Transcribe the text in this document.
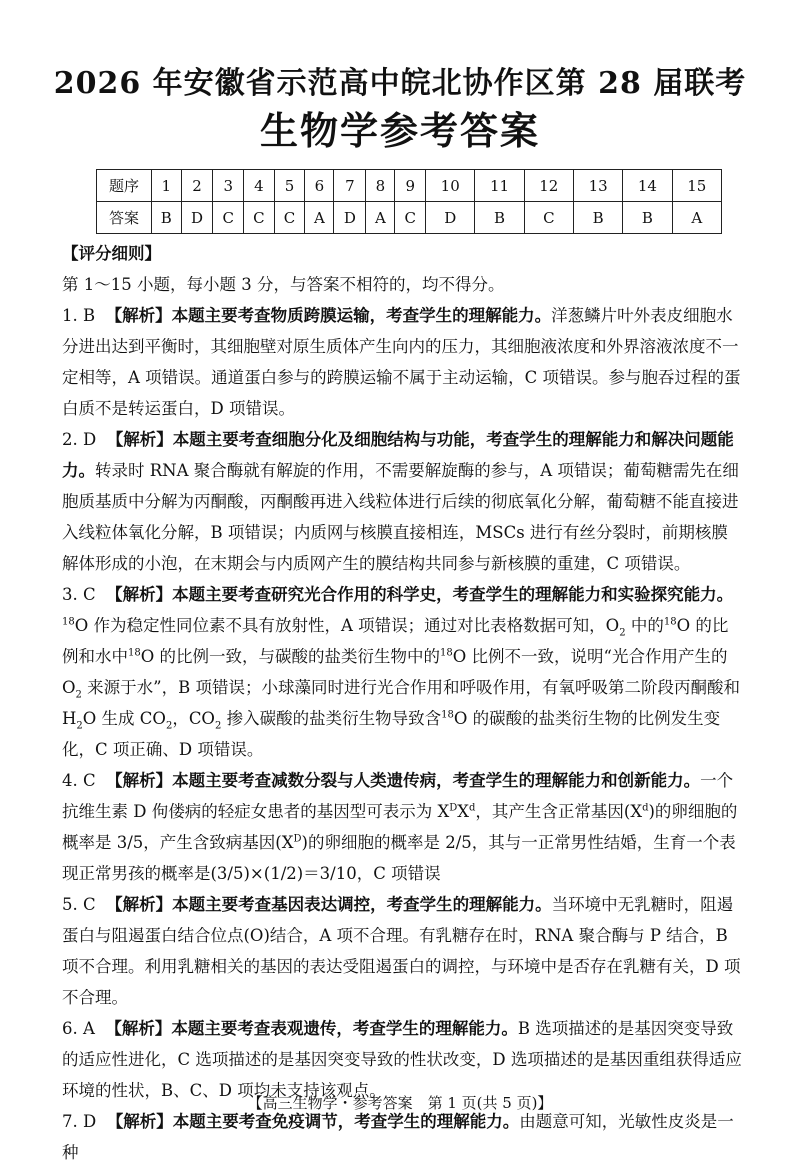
2026 年安徽省示范高中皖北协作区第 28 届联考
生物学参考答案
题序	1	2	3	4	5	6	7	8	9	10	11	12	13	14	15
答案	B	D	C	C	C	A	D	A	C	D	B	C	B	B	A
【评分细则】
第 1～15 小题，每小题 3 分，与答案不相符的，均不得分。
1. B 【解析】本题主要考查物质跨膜运输，考查学生的理解能力。洋葱鳞片叶外表皮细胞水分进出达到平衡时，其细胞壁对原生质体产生向内的压力，其细胞液浓度和外界溶液浓度不一定相等，A 项错误。通道蛋白参与的跨膜运输不属于主动运输，C 项错误。参与胞吞过程的蛋白质不是转运蛋白，D 项错误。
2. D 【解析】本题主要考查细胞分化及细胞结构与功能，考查学生的理解能力和解决问题能力。转录时 RNA 聚合酶就有解旋的作用，不需要解旋酶的参与，A 项错误；葡萄糖需先在细胞质基质中分解为丙酮酸，丙酮酸再进入线粒体进行后续的彻底氧化分解，葡萄糖不能直接进入线粒体氧化分解，B 项错误；内质网与核膜直接相连，MSCs 进行有丝分裂时，前期核膜解体形成的小泡，在末期会与内质网产生的膜结构共同参与新核膜的重建，C 项错误。
3. C 【解析】本题主要考查研究光合作用的科学史，考查学生的理解能力和实验探究能力。$^{18}$O 作为稳定性同位素不具有放射性，A 项错误；通过对比表格数据可知，$O_2$ 中的$^{18}$O 的比例和水中$^{18}$O 的比例一致，与碳酸的盐类衍生物中的$^{18}$O 比例不一致，说明“光合作用产生的 $O_2$ 来源于水”，B 项错误；小球藻同时进行光合作用和呼吸作用，有氧呼吸第二阶段丙酮酸和 $H_2O$ 生成 $CO_2$，$CO_2$ 掺入碳酸的盐类衍生物导致含$^{18}$O 的碳酸的盐类衍生物的比例发生变化，C 项正确、D 项错误。
4. C 【解析】本题主要考查减数分裂与人类遗传病，考查学生的理解能力和创新能力。一个抗维生素 D 佝偻病的轻症女患者的基因型可表示为 $X^DX^d$，其产生含正常基因$(X^d)$的卵细胞的概率是 3/5，产生含致病基因$(X^D)$的卵细胞的概率是 2/5，其与一正常男性结婚，生育一个表现正常男孩的概率是(3/5)×(1/2)＝3/10，C 项错误
5. C 【解析】本题主要考查基因表达调控，考查学生的理解能力。当环境中无乳糖时，阻遏蛋白与阻遏蛋白结合位点(O)结合，A 项不合理。有乳糖存在时，RNA 聚合酶与 P 结合，B 项不合理。利用乳糖相关的基因的表达受阻遏蛋白的调控，与环境中是否存在乳糖有关，D 项不合理。
6. A 【解析】本题主要考查表观遗传，考查学生的理解能力。B 选项描述的是基因突变导致的适应性进化，C 选项描述的是基因突变导致的性状改变，D 选项描述的是基因重组获得适应环境的性状，B、C、D 项均未支持该观点。
7. D 【解析】本题主要考查免疫调节，考查学生的理解能力。由题意可知，光敏性皮炎是一种
【高三生物学・参考答案　第 1 页(共 5 页)】
